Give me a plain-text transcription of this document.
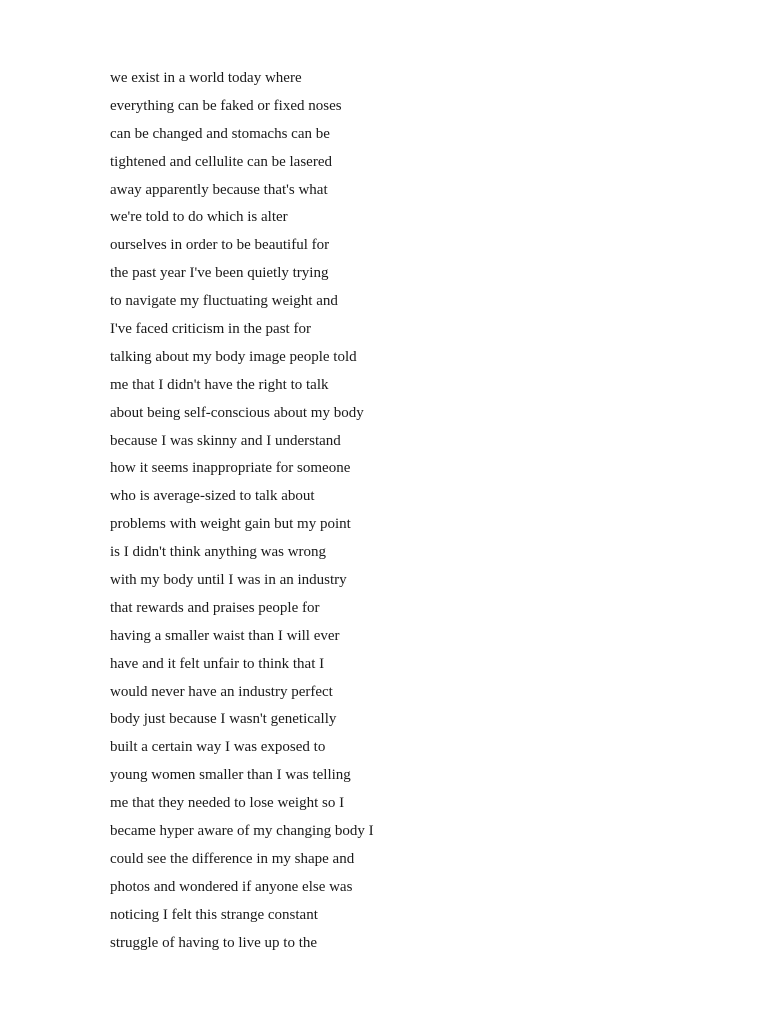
we exist in a world today where
everything can be faked or fixed noses
can be changed and stomachs can be
tightened and cellulite can be lasered
away apparently because that's what
we're told to do which is alter
ourselves in order to be beautiful for
the past year I've been quietly trying
to navigate my fluctuating weight and
I've faced criticism in the past for
talking about my body image people told
me that I didn't have the right to talk
about being self-conscious about my body
because I was skinny and I understand
how it seems inappropriate for someone
who is average-sized to talk about
problems with weight gain but my point
is I didn't think anything was wrong
with my body until I was in an industry
that rewards and praises people for
having a smaller waist than I will ever
have and it felt unfair to think that I
would never have an industry perfect
body just because I wasn't genetically
built a certain way I was exposed to
young women smaller than I was telling
me that they needed to lose weight so I
became hyper aware of my changing body I
could see the difference in my shape and
photos and wondered if anyone else was
noticing I felt this strange constant
struggle of having to live up to the
